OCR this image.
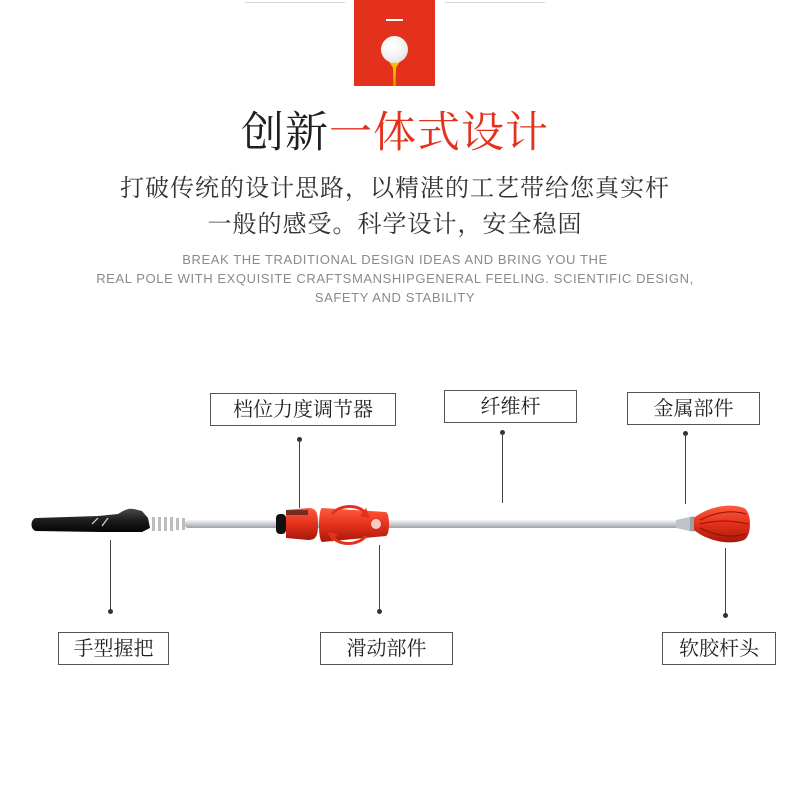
创新一体式设计
打破传统的设计思路，以精湛的工艺带给您真实杆
一般的感受。科学设计，安全稳固
BREAK THE TRADITIONAL DESIGN IDEAS AND BRING YOU THE
REAL POLE WITH EXQUISITE CRAFTSMANSHIPGENERAL FEELING. SCIENTIFIC DESIGN,
SAFETY AND STABILITY
档位力度调节器	纤维杆	金属部件
手型握把	滑动部件	软胶杆头
